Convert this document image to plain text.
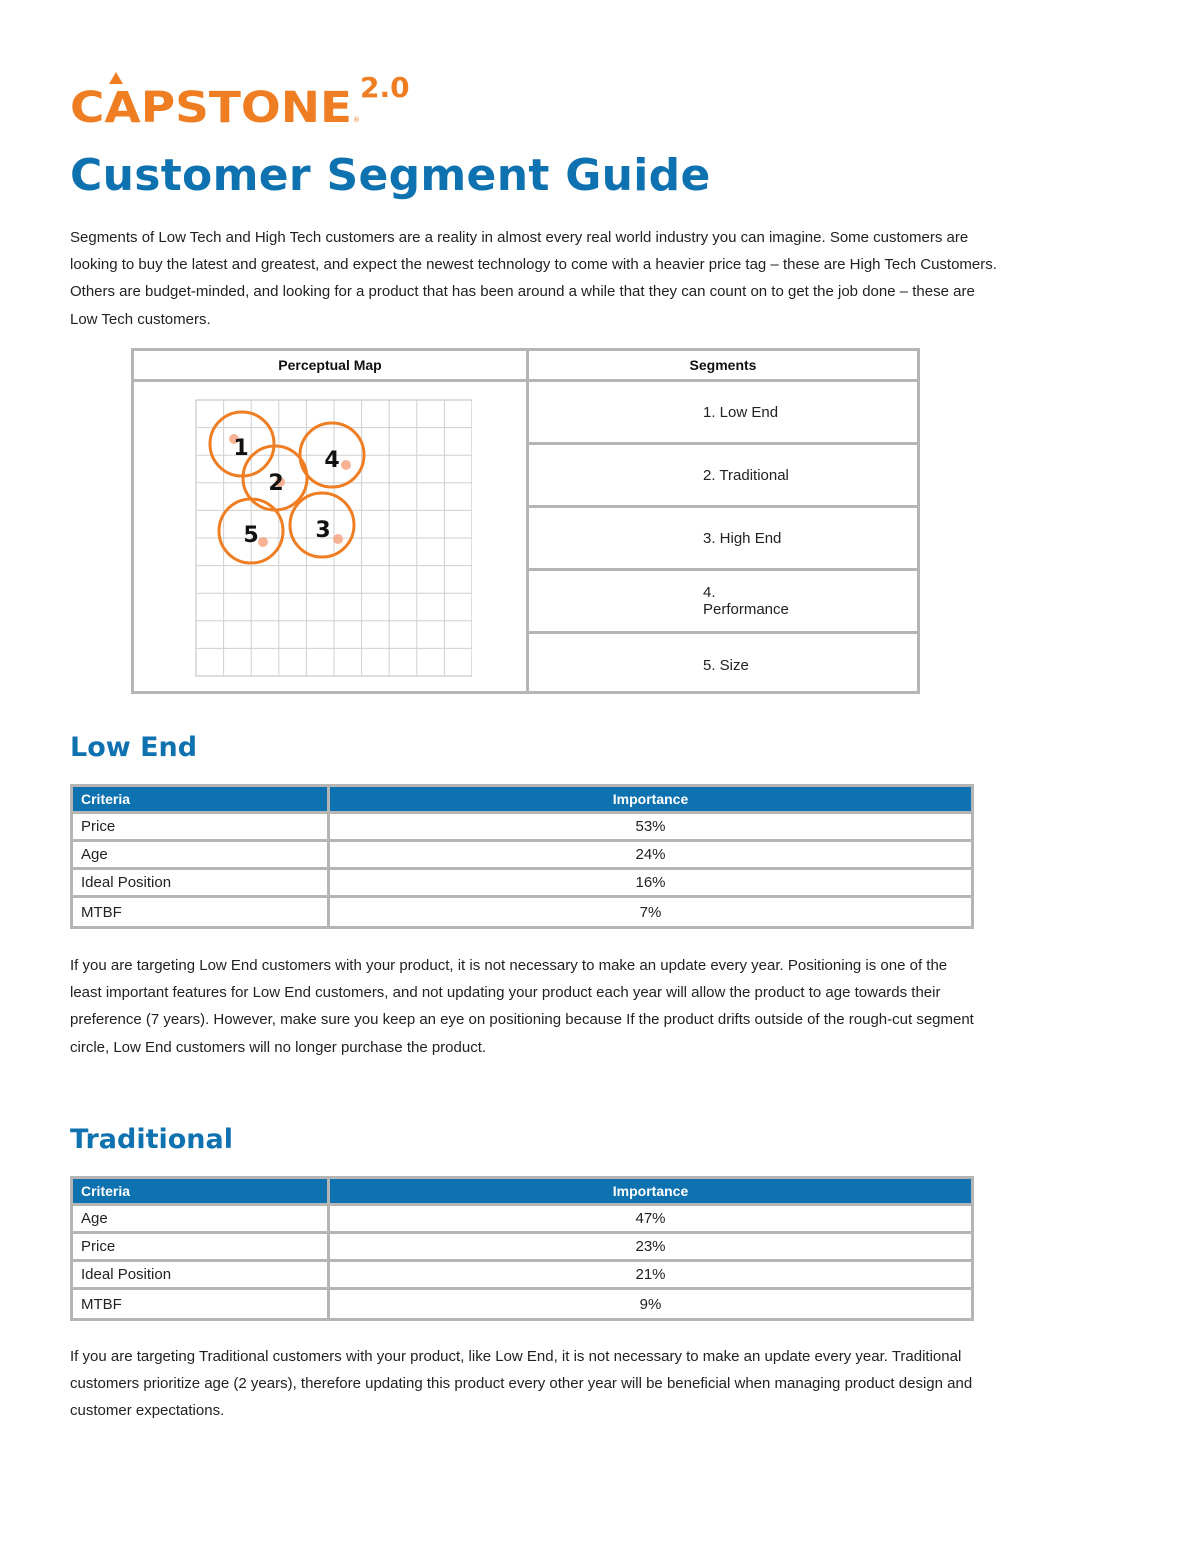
CAPSTONE ®
2.0
Customer Segment Guide

Segments of Low Tech and High Tech customers are a reality in almost every real world industry you can imagine. Some customers are looking to buy the latest and greatest, and expect the newest technology to come with a heavier price tag – these are High Tech Customers. Others are budget-minded, and looking for a product that has been around a while that they can count on to get the job done – these are Low Tech customers.

Perceptual Map	Segments
1
2
3
4
5
1. Low End
2. Traditional
3. High End
4. Performance
5. Size
Low End
Criteria	Importance
Price	53%
Age	24%
Ideal Position	16%
MTBF	7%

If you are targeting Low End customers with your product, it is not necessary to make an update every year. Positioning is one of the least important features for Low End customers, and not updating your product each year will allow the product to age towards their preference (7 years). However, make sure you keep an eye on positioning because If the product drifts outside of the rough-cut segment circle, Low End customers will no longer purchase the product.

Traditional
Criteria	Importance
Age	47%
Price	23%
Ideal Position	21%
MTBF	9%

If you are targeting Traditional customers with your product, like Low End, it is not necessary to make an update every year. Traditional customers prioritize age (2 years), therefore updating this product every other year will be beneficial when managing product design and customer expectations.
